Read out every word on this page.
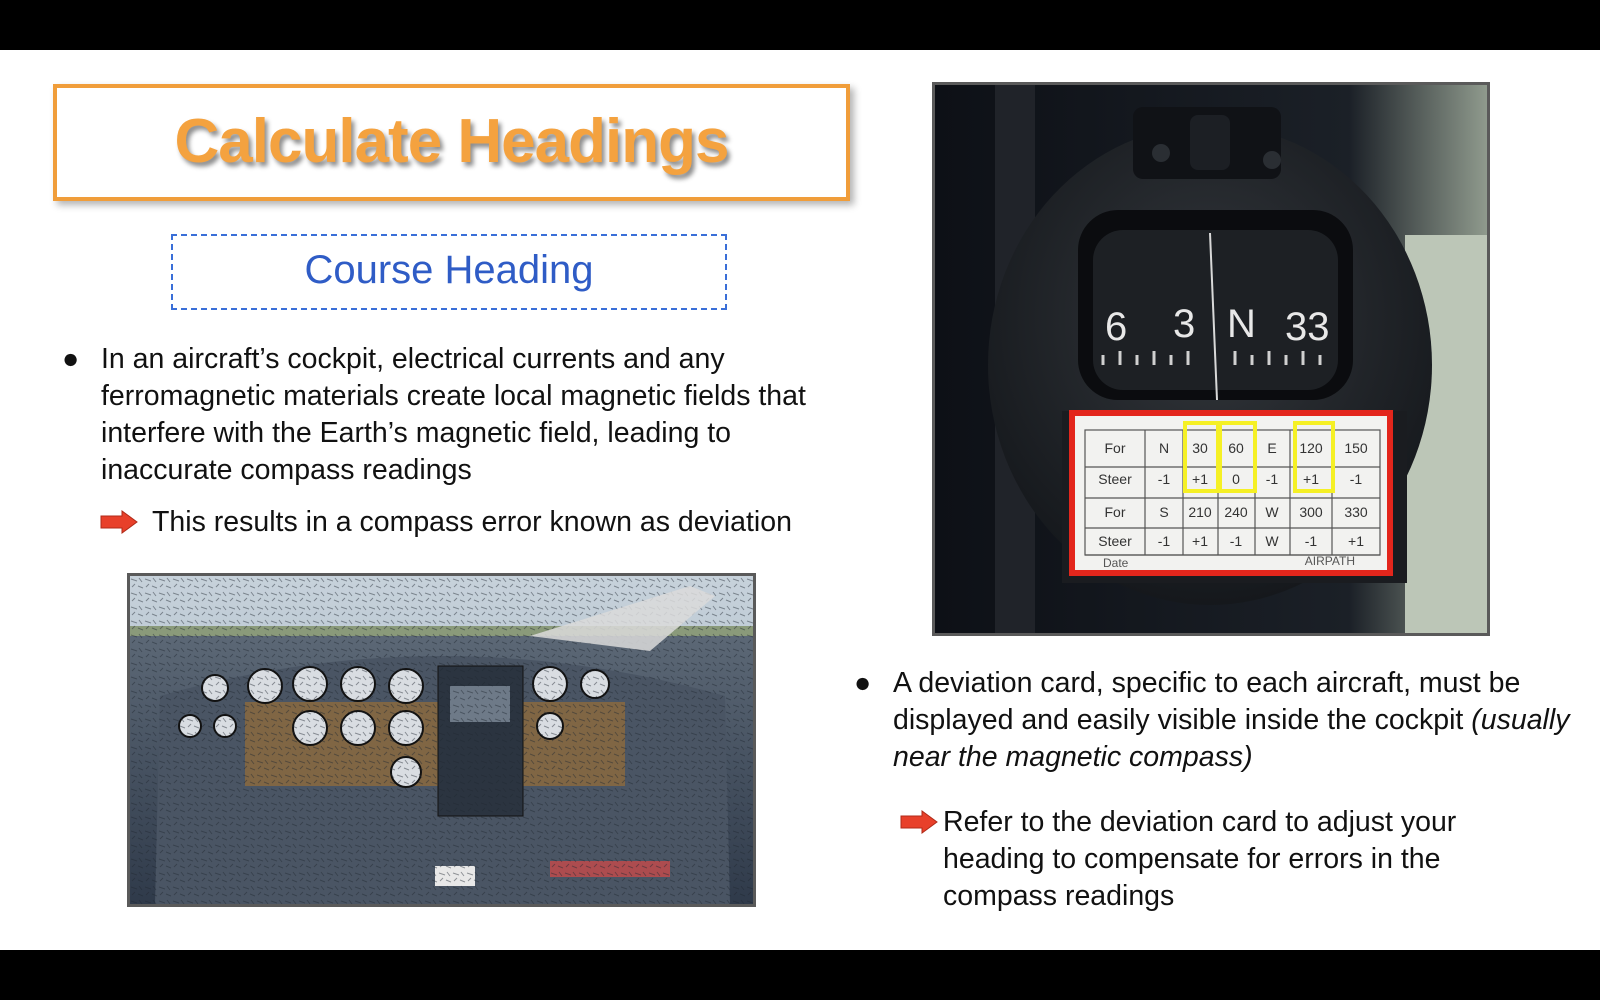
Calculate Headings
Course Heading
● In an aircraft’s cockpit, electrical currents and any ferromagnetic materials create local magnetic fields that interfere with the Earth’s magnetic field, leading to inaccurate compass readings
This results in a compass error known as deviation
6 3 N 33
For N 30 60 E 120 150
Steer -1 +1 0 -1 +1 -1
For S 210 240 W 300 330
Steer -1 +1 -1 W -1 +1
Date	AIRPATH
● A deviation card, specific to each aircraft, must be displayed and easily visible inside the cockpit (usually near the magnetic compass)
Refer to the deviation card to adjust your heading to compensate for errors in the compass readings
